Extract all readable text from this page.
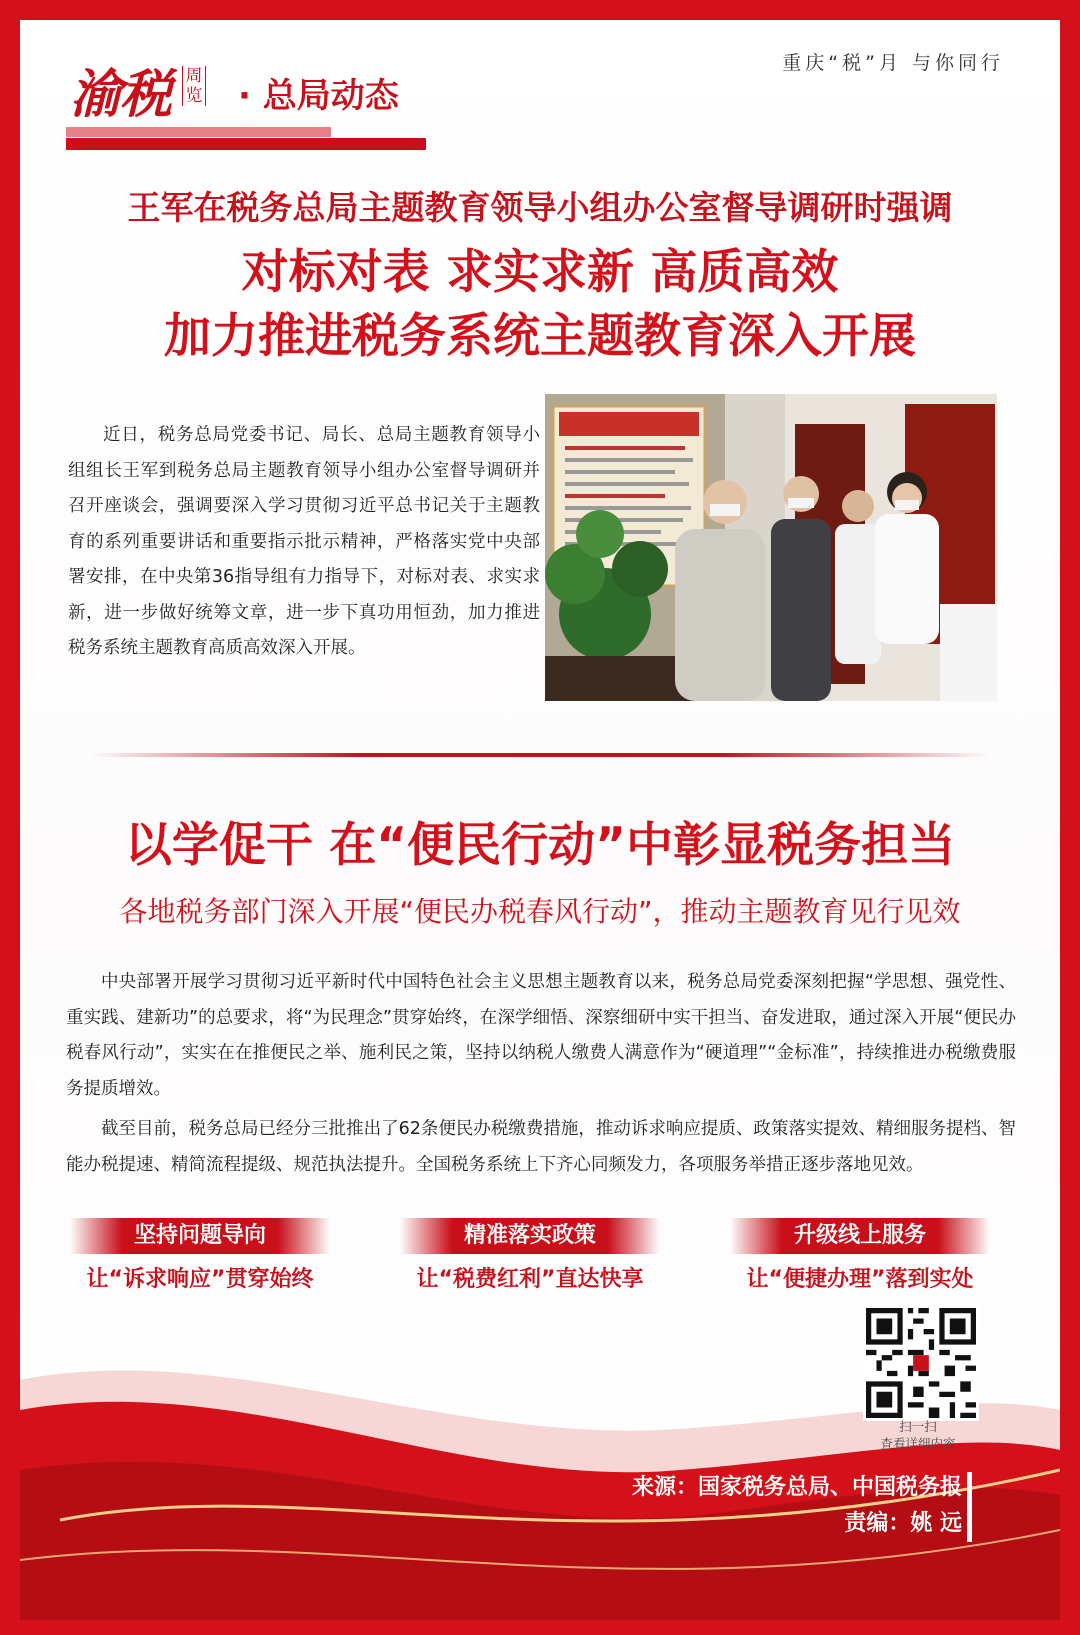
渝税 周览 · 总局动态
重庆“税”月 与你同行
王军在税务总局主题教育领导小组办公室督导调研时强调
对标对表 求实求新 高质高效
加力推进税务系统主题教育深入开展

近日，税务总局党委书记、局长、总局主题教育领导小组组长王军到税务总局主题教育领导小组办公室督导调研并召开座谈会，强调要深入学习贯彻习近平总书记关于主题教育的系列重要讲话和重要指示批示精神，严格落实党中央部署安排，在中央第36指导组有力指导下，对标对表、求实求新，进一步做好统筹文章，进一步下真功用恒劲，加力推进税务系统主题教育高质高效深入开展。

以学促干 在“便民行动”中彰显税务担当
各地税务部门深入开展“便民办税春风行动”，推动主题教育见行见效

中央部署开展学习贯彻习近平新时代中国特色社会主义思想主题教育以来，税务总局党委深刻把握“学思想、强党性、重实践、建新功”的总要求，将“为民理念”贯穿始终，在深学细悟、深察细研中实干担当、奋发进取，通过深入开展“便民办税春风行动”，实实在在推便民之举、施利民之策，坚持以纳税人缴费人满意作为“硬道理”“金标准”，持续推进办税缴费服务提质增效。

截至目前，税务总局已经分三批推出了62条便民办税缴费措施，推动诉求响应提质、政策落实提效、精细服务提档、智能办税提速、精简流程提级、规范执法提升。全国税务系统上下齐心同频发力，各项服务举措正逐步落地见效。

坚持问题导向	精准落实政策	升级线上服务
让“诉求响应”贯穿始终	让“税费红利”直达快享	让“便捷办理”落到实处
扫一扫
查看详细内容
来源：国家税务总局、中国税务报
责编：姚 远
